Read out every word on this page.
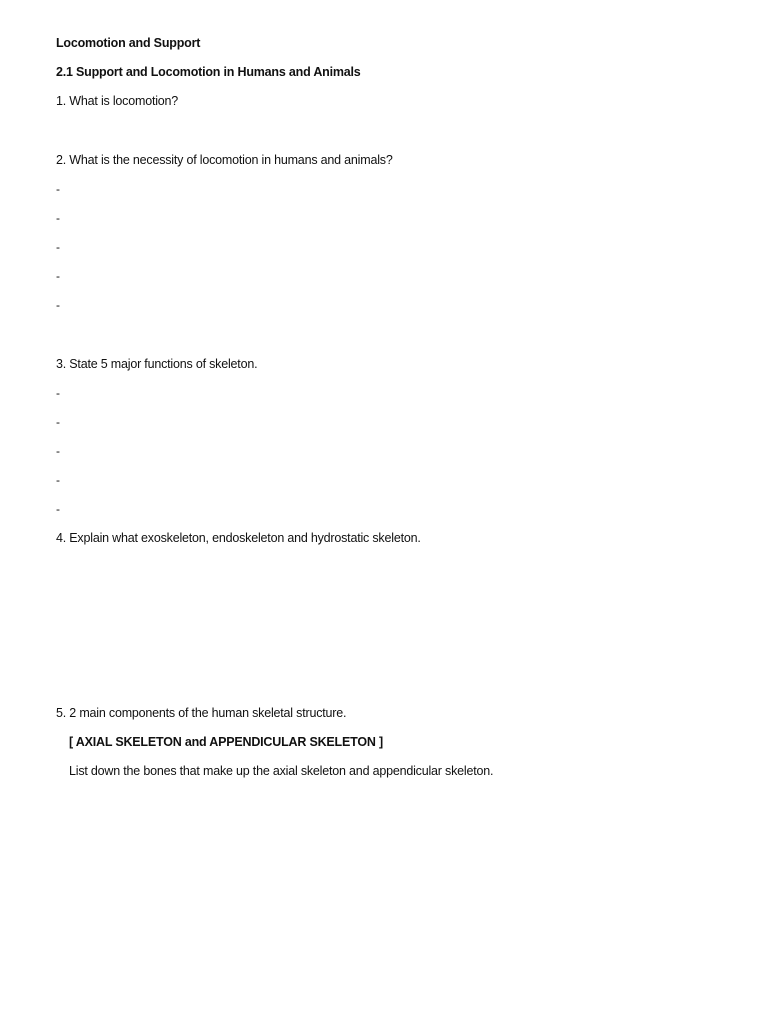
Locomotion and Support
2.1 Support and Locomotion in Humans and Animals
1. What is locomotion?
2. What is the necessity of locomotion in humans and animals?
-
-
-
-
-
3. State 5 major functions of skeleton.
-
-
-
-
-
4. Explain what exoskeleton, endoskeleton and hydrostatic skeleton.
5. 2 main components of the human skeletal structure.
[ AXIAL SKELETON and APPENDICULAR SKELETON ]
List down the bones that make up the axial skeleton and appendicular skeleton.
